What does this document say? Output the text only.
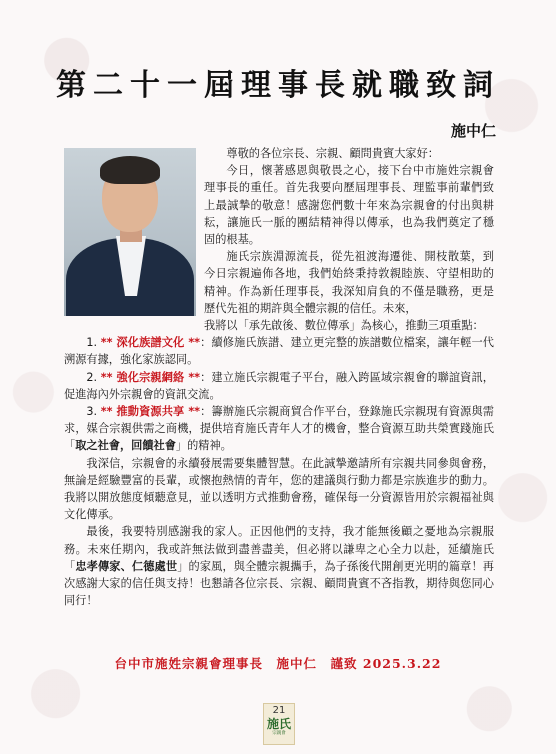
第二十一屆理事長就職致詞
施中仁

尊敬的各位宗長、宗親、顧問貴賓大家好：

今日，懷著感恩與敬畏之心，接下台中市施姓宗親會理事長的重任。首先我要向歷屆理事長、理監事前輩們致上最誠摯的敬意！感謝您們數十年來為宗親會的付出與耕耘，讓施氏一脈的團結精神得以傳承，也為我們奠定了穩固的根基。

施氏宗族淵源流長，從先祖渡海遷徙、開枝散葉，到今日宗親遍佈各地，我們始終秉持敦親睦族、守望相助的精神。作為新任理事長，我深知肩負的不僅是職務，更是歷代先祖的期許與全體宗親的信任。未來，

我將以「承先啟後、數位傳承」為核心，推動三項重點：

1. ** 深化族譜文化 **：續修施氏族譜、建立更完整的族譜數位檔案，讓年輕一代溯源有據，強化家族認同。
2. ** 強化宗親網絡 **：建立施氏宗親電子平台，融入跨區域宗親會的聯誼資訊，促進海內外宗親會的資訊交流。
3. ** 推動資源共享 **：籌辦施氏宗親商貿合作平台，登錄施氏宗親現有資源與需求，媒合宗親供需之商機，提供培育施氏青年人才的機會，整合資源互助共榮實踐施氏「取之社會，回饋社會」的精神。

我深信，宗親會的永續發展需要集體智慧。在此誠摯邀請所有宗親共同參與會務，無論是經驗豐富的長輩，或懷抱熱情的青年，您的建議與行動力都是宗族進步的動力。我將以開放態度傾聽意見，並以透明方式推動會務，確保每一分資源皆用於宗親福祉與文化傳承。

最後，我要特別感謝我的家人。正因他們的支持，我才能無後顧之憂地為宗親服務。未來任期內，我或許無法做到盡善盡美，但必將以謙卑之心全力以赴，延續施氏「忠孝傳家、仁德處世」的家風，與全體宗親攜手，為子孫後代開創更光明的篇章！再次感謝大家的信任與支持！也懇請各位宗長、宗親、顧問貴賓不吝指教，期待與您同心同行！

台中市施姓宗親會理事長　施中仁　謹致 2025.3.22
21
施氏
宗親會
